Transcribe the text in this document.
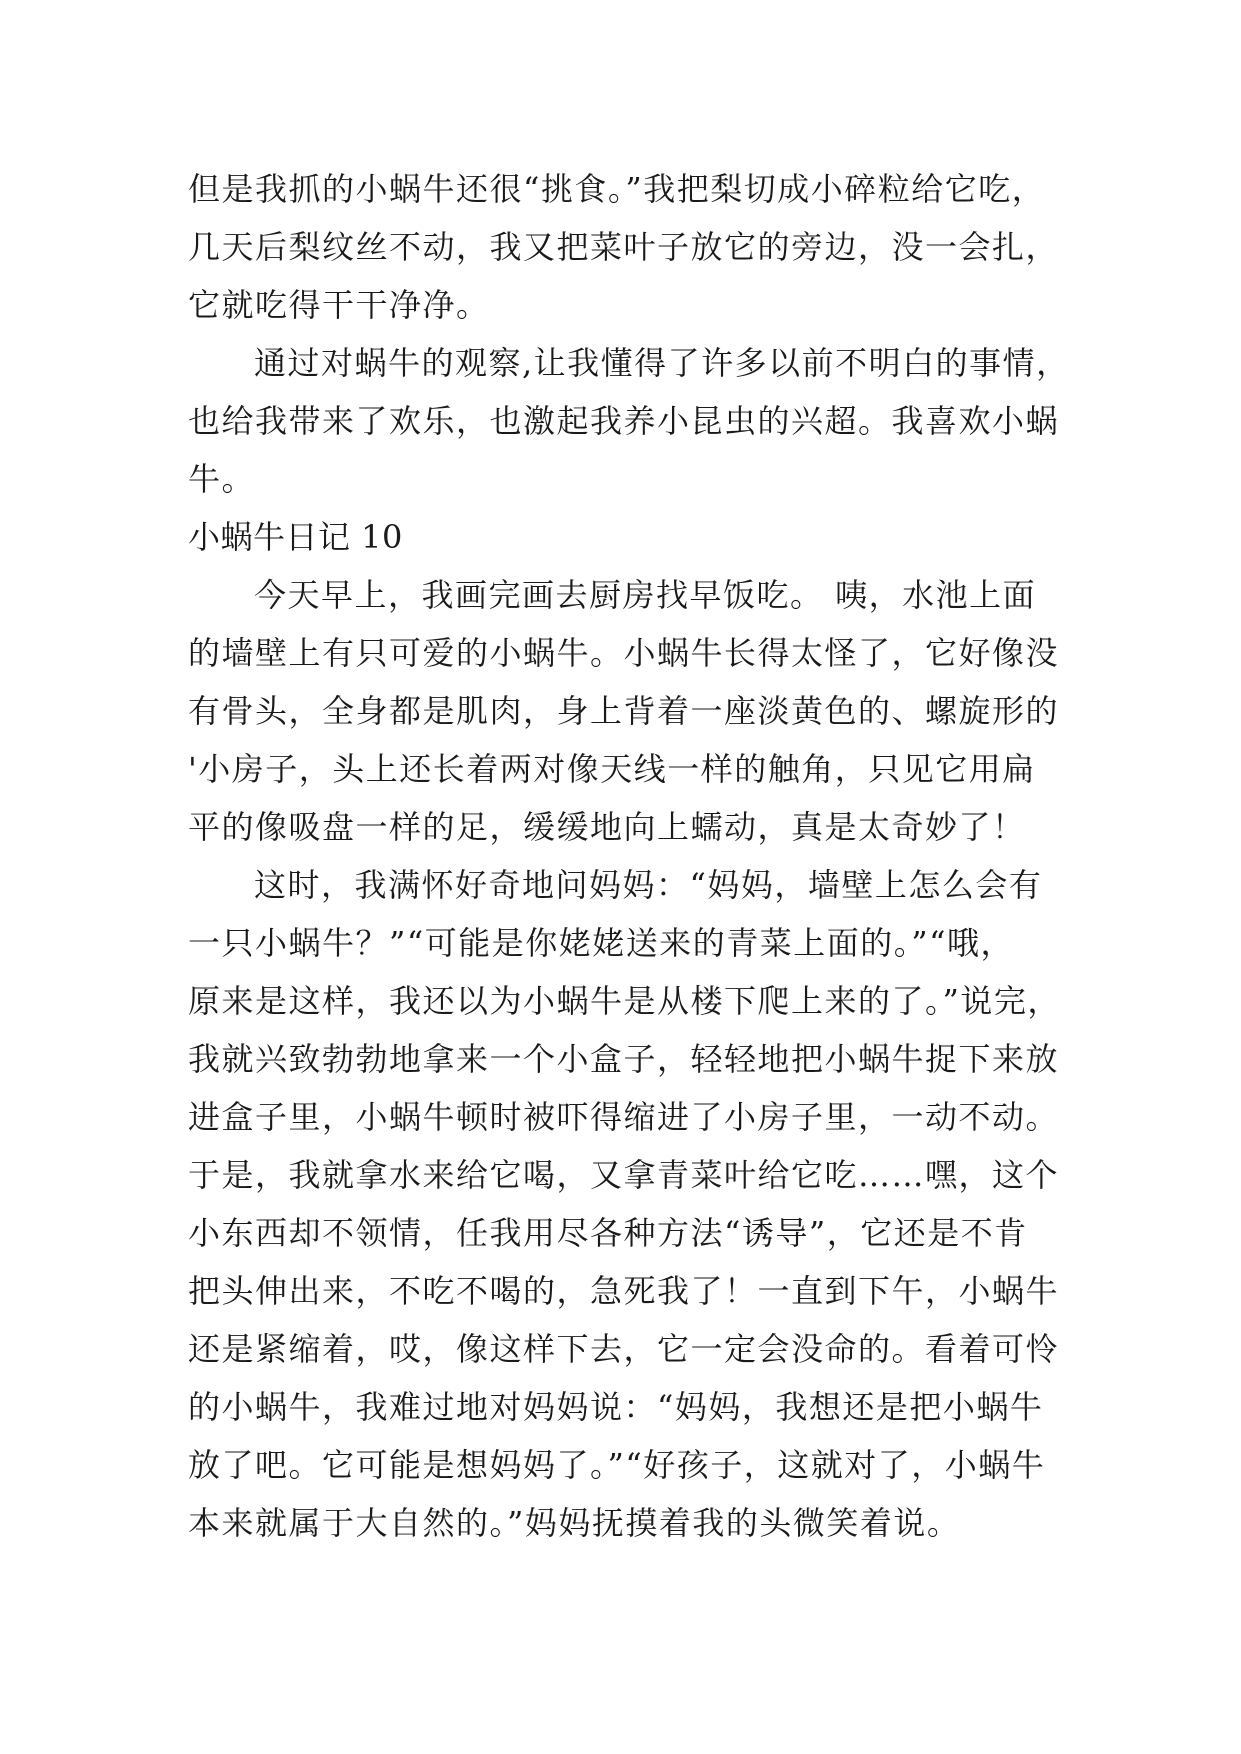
但是我抓的小蜗牛还很“挑食。”我把梨切成小碎粒给它吃，
几天后梨纹丝不动，我又把菜叶子放它的旁边，没一会扎，
它就吃得干干净净。
通过对蜗牛的观察,让我懂得了许多以前不明白的事情，
也给我带来了欢乐，也激起我养小昆虫的兴超。我喜欢小蜗
牛。
小蜗牛日记 10
今天早上，我画完画去厨房找早饭吃。 咦，水池上面
的墙壁上有只可爱的小蜗牛。小蜗牛长得太怪了，它好像没
有骨头，全身都是肌肉，身上背着一座淡黄色的、螺旋形的
'小房子，头上还长着两对像天线一样的触角，只见它用扁
平的像吸盘一样的足，缓缓地向上蠕动，真是太奇妙了！
这时，我满怀好奇地问妈妈：“妈妈，墙壁上怎么会有
一只小蜗牛？”“可能是你姥姥送来的青菜上面的。”“哦，
原来是这样，我还以为小蜗牛是从楼下爬上来的了。”说完，
我就兴致勃勃地拿来一个小盒子，轻轻地把小蜗牛捉下来放
进盒子里，小蜗牛顿时被吓得缩进了小房子里，一动不动。
于是，我就拿水来给它喝，又拿青菜叶给它吃……嘿，这个
小东西却不领情，任我用尽各种方法“诱导”，它还是不肯
把头伸出来，不吃不喝的，急死我了！一直到下午，小蜗牛
还是紧缩着，哎，像这样下去，它一定会没命的。看着可怜
的小蜗牛，我难过地对妈妈说：“妈妈，我想还是把小蜗牛
放了吧。它可能是想妈妈了。”“好孩子，这就对了，小蜗牛
本来就属于大自然的。”妈妈抚摸着我的头微笑着说。
